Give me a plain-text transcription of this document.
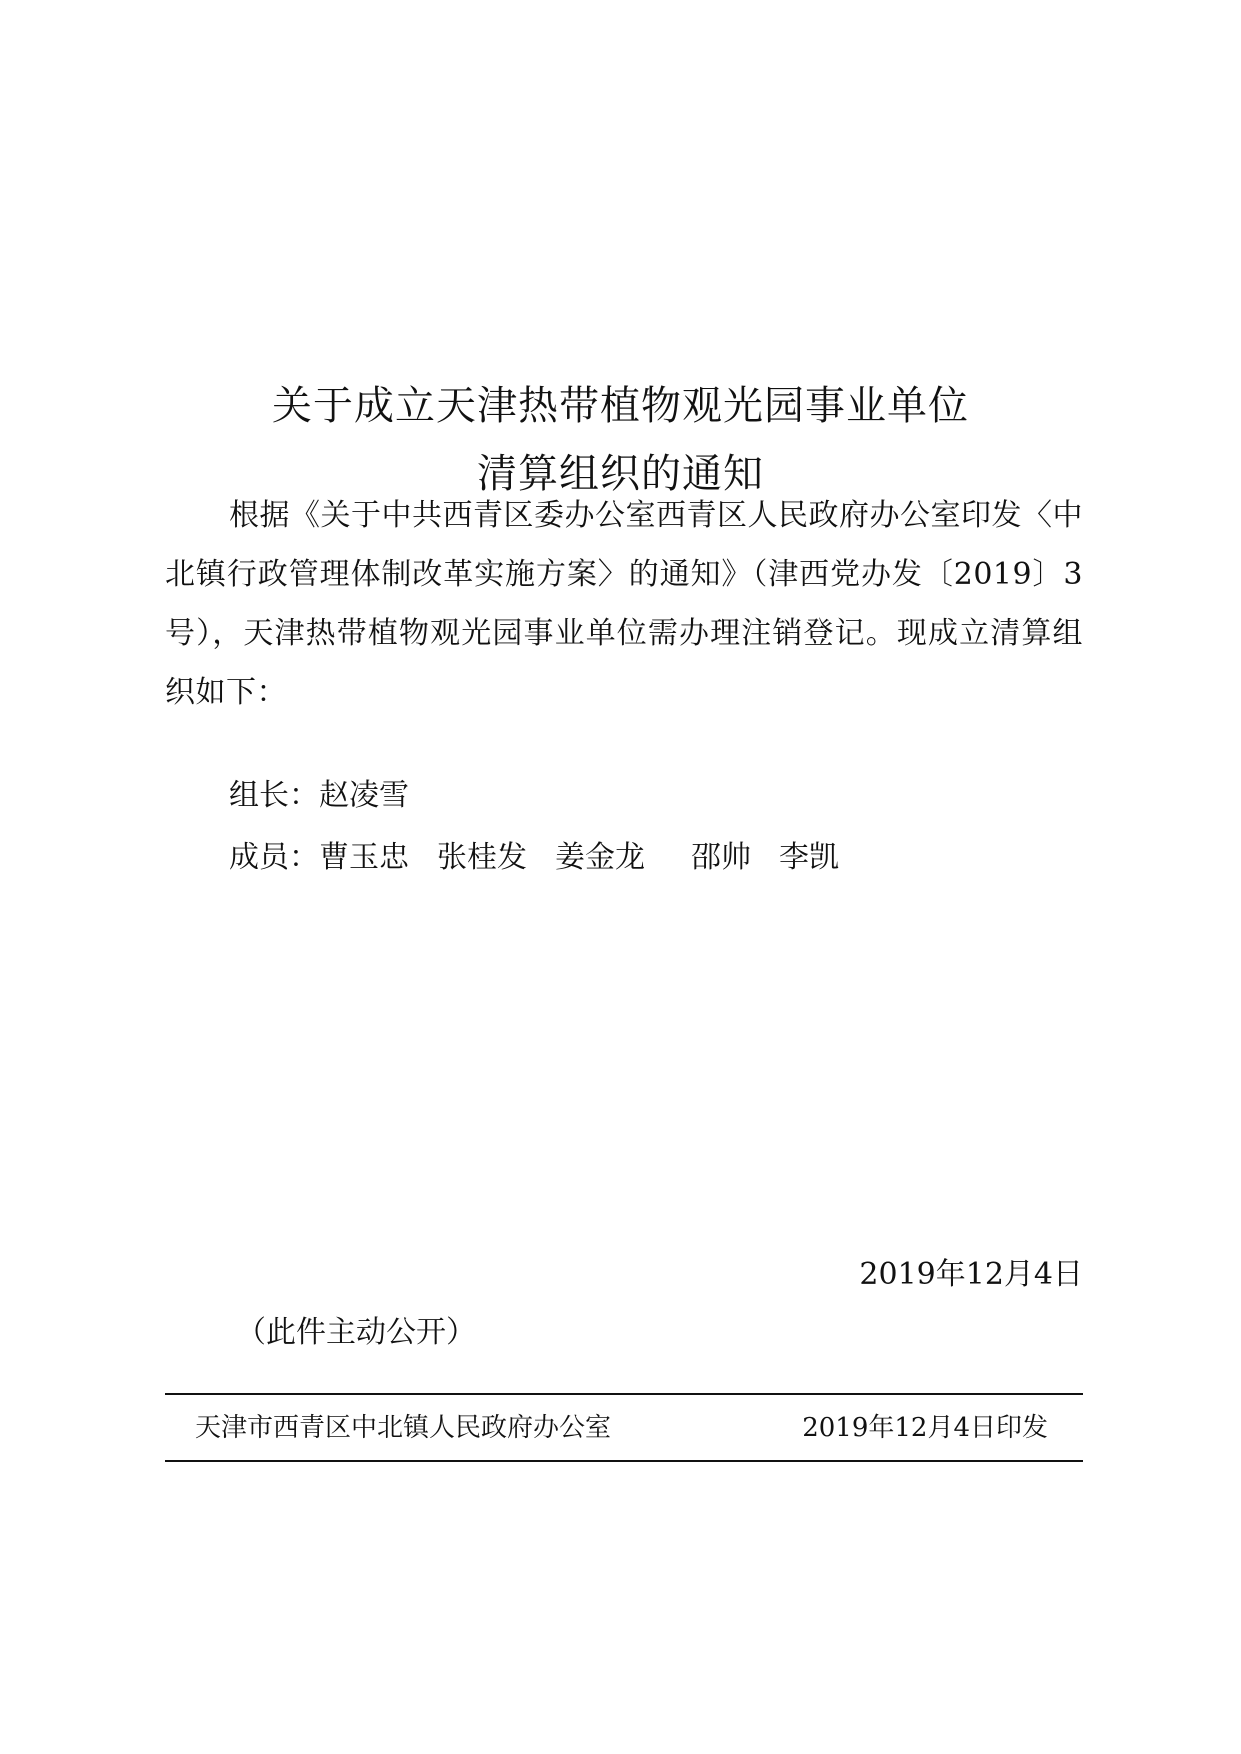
关于成立天津热带植物观光园事业单位
清算组织的通知
根据《关于中共西青区委办公室西青区人民政府办公室印发〈中北镇行政管理体制改革实施方案〉的通知》（津西党办发〔2019〕3号），天津热带植物观光园事业单位需办理注销登记。现成立清算组织如下：
组长：赵凌雪
成员：曹玉忠 张桂发 姜金龙 邵帅 李凯
2019年12月4日
（此件主动公开）
天津市西青区中北镇人民政府办公室	2019年12月4日印发
